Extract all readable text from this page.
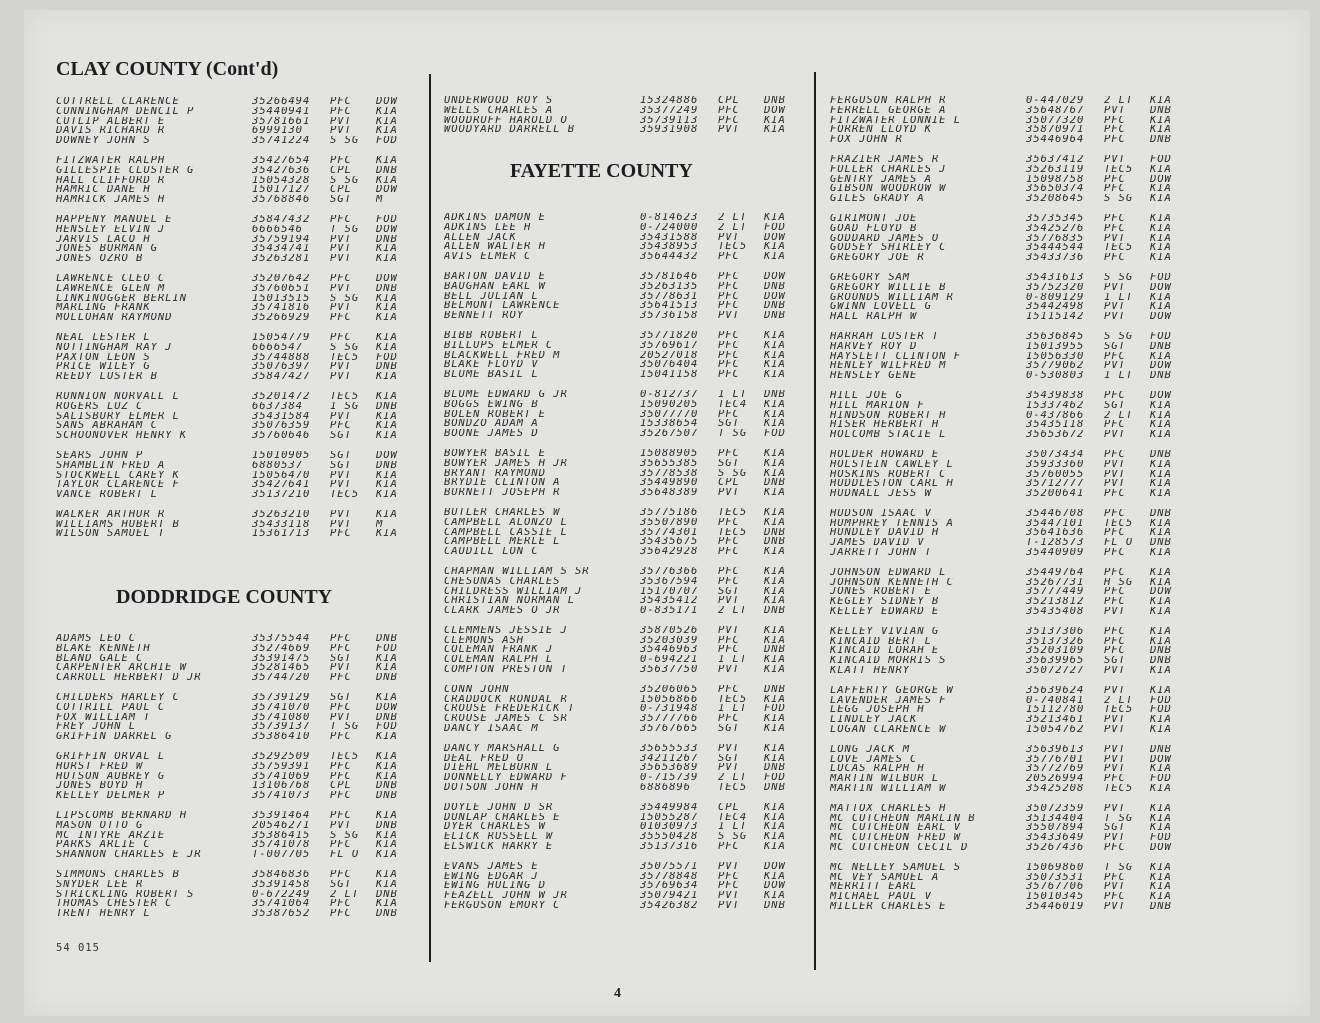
CLAY COUNTY (Cont'd)
COTTRELL CLARENCE	35266494	PFC	DOW
CUNNINGHAM DENCIL P	35440941	PFC	KIA
CUTLIP ALBERT E	35781661	PVT	KIA
DAVIS RICHARD R	6999130	PVT	KIA
DOWNEY JOHN S	35741224	S SG	FOD
FITZWATER RALPH	35427654	PFC	KIA
GILLESPIE CLUSTER G	35427636	CPL	DNB
HALL CLIFFORD R	15054328	S SG	KIA
HAMRIC DANE H	15017127	CPL	DOW
HAMRICK JAMES H	35768846	SGT	M
HAPPENY MANUEL E	35847432	PFC	FOD
HENSLEY ELVIN J	6666546	T SG	DOW
JARVIS LACO H	35759194	PVT	DNB
JONES BURMAN G	35434741	PVT	KIA
JONES OZRO B	35263281	PVT	KIA
LAWRENCE CLEO C	35207642	PFC	DOW
LAWRENCE GLEN M	35760651	PVT	DNB
LINKINOGGER BERLIN	15013515	S SG	KIA
MARLING FRANK	35741816	PVT	KIA
MOLLOHAN RAYMOND	35266929	PFC	KIA
NEAL LESTER L	15054779	PFC	KIA
NOTTINGHAM RAY J	6666547	S SG	KIA
PAXTON LEON S	35744888	TEC5	FOD
PRICE WILEY G	35076397	PVT	DNB
REEDY LUSTER B	35847427	PVT	KIA
RUNNION NORVALL L	35201472	TEC5	KIA
ROGERS LUZ C	6637384	1 SG	DNB
SALISBURY ELMER L	35431584	PVT	KIA
SANS ABRAHAM C	35076359	PFC	KIA
SCHOONOVER HENRY K	35760646	SGT	KIA
SEARS JOHN P	15010905	SGT	DOW
SHAMBLIN FRED A	6880537	SGT	DNB
STOCKWELL CAREY K	15056470	PVT	KIA
TAYLOR CLARENCE F	35427641	PVT	KIA
VANCE ROBERT L	35137210	TEC5	KIA
WALKER ARTHUR R	35263210	PVT	KIA
WILLIAMS HUBERT B	35433118	PVT	M
WILSON SAMUEL T	15361713	PFC	KIA
DODDRIDGE COUNTY
ADAMS LEO C	35375544	PFC	DNB
BLAKE KENNETH	35274669	PFC	FOD
BLAND GALE C	35391475	SGT	KIA
CARPENTER ARCHIE W	35281465	PVT	KIA
CARROLL HERBERT D JR	35744720	PFC	DNB
CHILDERS HARLEY C	35739129	SGT	KIA
COTTRILL PAUL C	35741070	PFC	DOW
FOX WILLIAM T	35741080	PVT	DNB
FREY JOHN L	35739137	T SG	FOD
GRIFFIN DARREL G	35386410	PFC	KIA
GRIFFIN ORVAL L	35292509	TEC5	KIA
HURST FRED W	35759391	PFC	KIA
HUTSON AUBREY G	35741069	PFC	KIA
JONES BOYD H	13106768	CPL	DNB
KELLEY DELMER P	35741073	PFC	DNB
LIPSCOMB BERNARD H	35391464	PFC	KIA
MASON OTTO G	20546271	PVT	DNB
MC INTYRE ARZIE	35386415	S SG	KIA
PARKS ARLIE C	35741078	PFC	KIA
SHANNON CHARLES E JR	T-007705	FL O	KIA
SIMMONS CHARLES B	35846836	PFC	KIA
SNYDER LEE R	35391458	SGT	KIA
STRICKLING ROBERT S	0-672249	2 LT	DNB
THOMAS CHESTER C	35741064	PFC	KIA
TRENT HENRY L	35387652	PFC	DNB
UNDERWOOD ROY S	15324886	CPL	DNB
WELLS CHARLES A	35377249	PFC	DOW
WOODRUFF HAROLD O	35739113	PFC	KIA
WOODYARD DARRELL B	35931908	PVT	KIA
FAYETTE COUNTY
ADKINS DAMON E	0-814623	2 LT	KIA
ADKINS LEE H	0-724000	2 LT	FOD
ALLEN JACK	35431588	PVT	DOW
ALLEN WALTER H	35438953	TEC5	KIA
AVIS ELMER C	35644432	PFC	KIA
BARTON DAVID E	35781646	PFC	DOW
BAUGHAN EARL W	35263135	PFC	DNB
BELL JULIAN L	35778631	PFC	DOW
BELMONT LAWRENCE	35641513	PFC	DNB
BENNETT ROY	35736158	PVT	DNB
BIBB ROBERT L	35771820	PFC	KIA
BILLUPS ELMER C	35769617	PFC	KIA
BLACKWELL FRED M	20527018	PFC	KIA
BLAKE FLOYD V	35076404	PFC	KIA
BLUME BASIL L	15041158	PFC	KIA
BLUME EDWARD G JR	0-812737	1 LT	DNB
BOGGS EWING B	15090205	TEC4	KIA
BOLEN ROBERT E	35077770	PFC	KIA
BONDZO ADAM A	15338654	SGT	KIA
BOONE JAMES D	35267507	T SG	FOD
BOWYER BASIL E	15088905	PFC	KIA
BOWYER JAMES H JR	35655385	SGT	KIA
BRYANT RAYMOND	35778538	S SG	KIA
BRYDIE CLINTON A	35449890	CPL	DNB
BURNETT JOSEPH R	35648389	PVT	KIA
BUTLER CHARLES W	35775186	TEC5	KIA
CAMPBELL ALONZO L	35507890	PFC	KIA
CAMPBELL CASSIE L	35774301	TEC5	DNB
CAMPBELL MERLE L	35435675	PFC	DNB
CAUDILL LON C	35642928	PFC	KIA
CHAPMAN WILLIAM S SR	35776366	PFC	KIA
CHESUNAS CHARLES	35367594	PFC	KIA
CHILDRESS WILLIAM J	15170707	SGT	KIA
CHRISTIAN NORMAN L	35435412	PVT	KIA
CLARK JAMES O JR	0-835171	2 LT	DNB
CLEMMENS JESSIE J	35870526	PVT	KIA
CLEMONS ASH	35203039	PFC	KIA
COLEMAN FRANK J	35446963	PFC	DNB
COLEMAN RALPH L	0-694221	1 LT	KIA
COMPTON PRESTON T	35637750	PVT	KIA
CONN JOHN	35206065	PFC	DNB
CRADDOCK RONDAL R	15056866	TEC5	KIA
CROUSE FREDERICK T	0-731948	1 LT	FOD
CROUSE JAMES C SR	35777766	PFC	KIA
DANCY ISAAC M	35767665	SGT	KIA
DANCY MARSHALL G	35655533	PVT	KIA
DEAL FRED O	34211267	SGT	KIA
DIEHL MELBURN L	35653689	PVT	DNB
DONNELLY EDWARD F	0-715739	2 LT	FOD
DOTSON JOHN H	6886896	TEC5	DNB
DOYLE JOHN D SR	35449984	CPL	KIA
DUNLAP CHARLES E	15055287	TEC4	KIA
DYER CHARLES W	01030973	1 LT	KIA
ELICK RUSSELL W	35550428	S SG	KIA
ELSWICK HARRY E	35137316	PFC	KIA
EVANS JAMES E	35075571	PVT	DOW
EWING EDGAR J	35778848	PFC	KIA
EWING HULING D	35769634	PFC	DOW
FEAZELL JOHN W JR	35079421	PVT	KIA
FERGUSON EMORY C	35426382	PVT	DNB
FERGUSON RALPH R	0-447029	2 LT	KIA
FERRELL GEORGE A	35648767	PVT	DNB
FITZWATER LONNIE L	35077320	PFC	KIA
FORREN LLOYD K	35870971	PFC	KIA
FOX JOHN R	35446964	PFC	DNB
FRAZIER JAMES R	35637412	PVT	FOD
FULLER CHARLES J	35263119	TEC5	KIA
GENTRY JAMES A	15098758	PFC	DOW
GIBSON WOODROW W	35650374	PFC	KIA
GILES GRADY A	35208645	S SG	KIA
GIRIMONT JOE	35735345	PFC	KIA
GOAD FLOYD B	35425276	PFC	KIA
GODDARD JAMES O	35776835	PVT	KIA
GODSEY SHIRLEY C	35444544	TEC5	KIA
GREGORY JOE R	35433736	PFC	KIA
GREGORY SAM	35431613	S SG	FOD
GREGORY WILLIE B	35752320	PVT	DOW
GROUNDS WILLIAM R	0-809129	1 LT	KIA
GWINN LOVELL G	35442498	PVT	KIA
HALL RALPH W	15115142	PVT	DOW
HARRAH LUSTER T	35636845	S SG	FOD
HARVEY ROY D	15013955	SGT	DNB
HAYSLETT CLINTON F	15056330	PFC	KIA
HENLEY WILFRED M	35779062	PVT	DOW
HENSLEY GENE	0-530803	1 LT	DNB
HILL JOE G	35439838	PFC	DOW
HILL MARION F	15337462	SGT	KIA
HINDSON ROBERT H	0-437866	2 LT	KIA
HISER HERBERT H	35435118	PFC	KIA
HOLCOMB STACIE L	35653672	PVT	KIA
HOLDER HOWARD E	35073434	PFC	DNB
HOLSTEIN CAWLEY L	35933360	PVT	KIA
HOSKINS ROBERT C	35760055	PVT	KIA
HUDDLESTON CARL H	35712777	PVT	KIA
HUDNALL JESS W	35200641	PFC	KIA
HUDSON ISAAC V	35446708	PFC	DNB
HUMPHREY TENNIS A	35447101	TEC5	KIA
HUNDLEY DAVID H	35641636	PFC	KIA
JAMES DAVID V	T-128573	FL O	DNB
JARRETT JOHN T	35440909	PFC	KIA
JOHNSON EDWARD L	35449764	PFC	KIA
JOHNSON KENNETH C	35267731	H SG	KIA
JONES ROBERT E	35777449	PFC	DOW
KEGLEY SIDNEY B	35213812	PFC	KIA
KELLEY EDWARD E	35435408	PVT	KIA
KELLEY VIVIAN G	35137306	PFC	KIA
KINCAID BERT L	35137326	PFC	KIA
KINCAID LORAH E	35203109	PFC	DNB
KINCAID MORRIS S	35639965	SGT	DNB
KLATT HENRY	35072727	PVT	KIA
LAFFERTY GEORGE W	35639624	PVT	KIA
LAVENDER JAMES F	0-740841	2 LT	FOD
LEGG JOSEPH H	15112780	TEC5	FOD
LINDLEY JACK	35213461	PVT	KIA
LOGAN CLARENCE W	15054762	PVT	KIA
LONG JACK M	35639613	PVT	DNB
LOVE JAMES C	35776701	PVT	DOW
LUCAS RALPH H	35772769	PVT	KIA
MARTIN WILBUR L	20526994	PFC	FOD
MARTIN WILLIAM W	35425208	TEC5	KIA
MATTOX CHARLES H	35072359	PVT	KIA
MC CUTCHEON MARLIN B	35134404	T SG	KIA
MC CUTCHEON EARL V	35507894	SGT	KIA
MC CUTCHEON FRED W	35433649	PVT	FOD
MC CUTCHEON CECIL D	35267436	PFC	DOW
MC NELLEY SAMUEL S	15069860	T SG	KIA
MC VEY SAMUEL A	35073531	PFC	KIA
MERRITT EARL	35767706	PVT	KIA
MICHAEL PAUL V	15010345	PFC	KIA
MILLER CHARLES E	35446019	PVT	DNB
54 015
4
